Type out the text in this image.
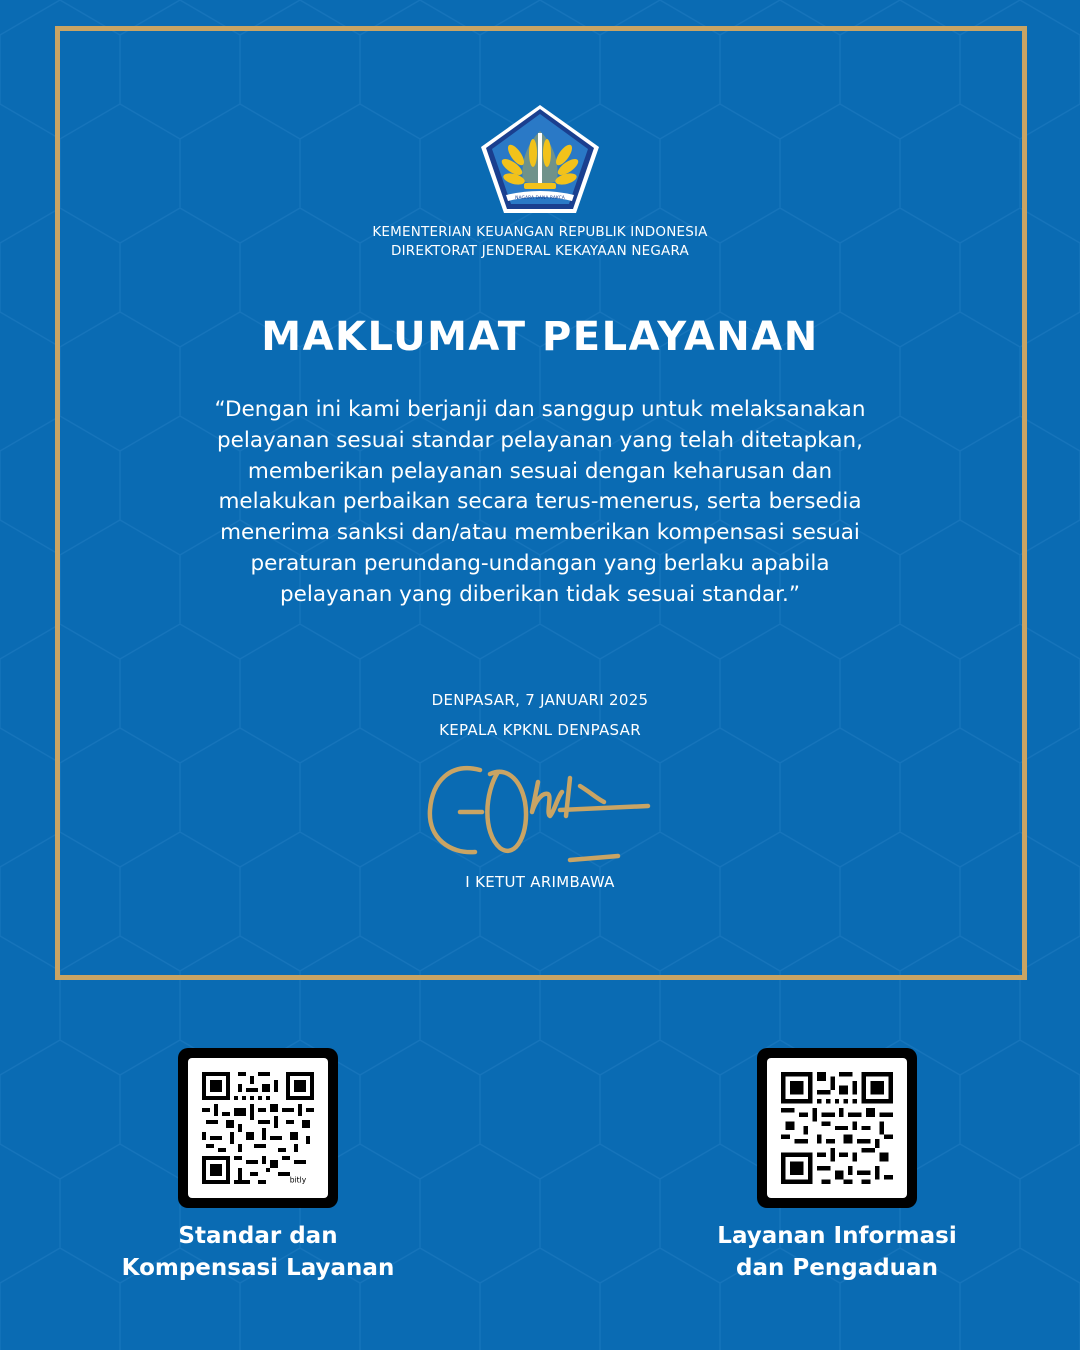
NAGARA DANA RAKCA
KEMENTERIAN KEUANGAN REPUBLIK INDONESIA
DIREKTORAT JENDERAL KEKAYAAN NEGARA
MAKLUMAT PELAYANAN
“Dengan ini kami berjanji dan sanggup untuk melaksanakan
pelayanan sesuai standar pelayanan yang telah ditetapkan,
memberikan pelayanan sesuai dengan keharusan dan
melakukan perbaikan secara terus-menerus, serta bersedia
menerima sanksi dan/atau memberikan kompensasi sesuai
peraturan perundang-undangan yang berlaku apabila
pelayanan yang diberikan tidak sesuai standar.”
DENPASAR, 7 JANUARI 2025
KEPALA KPKNL DENPASAR
I KETUT ARIMBAWA
bitly
Standar dan
Kompensasi Layanan
Layanan Informasi
dan Pengaduan
